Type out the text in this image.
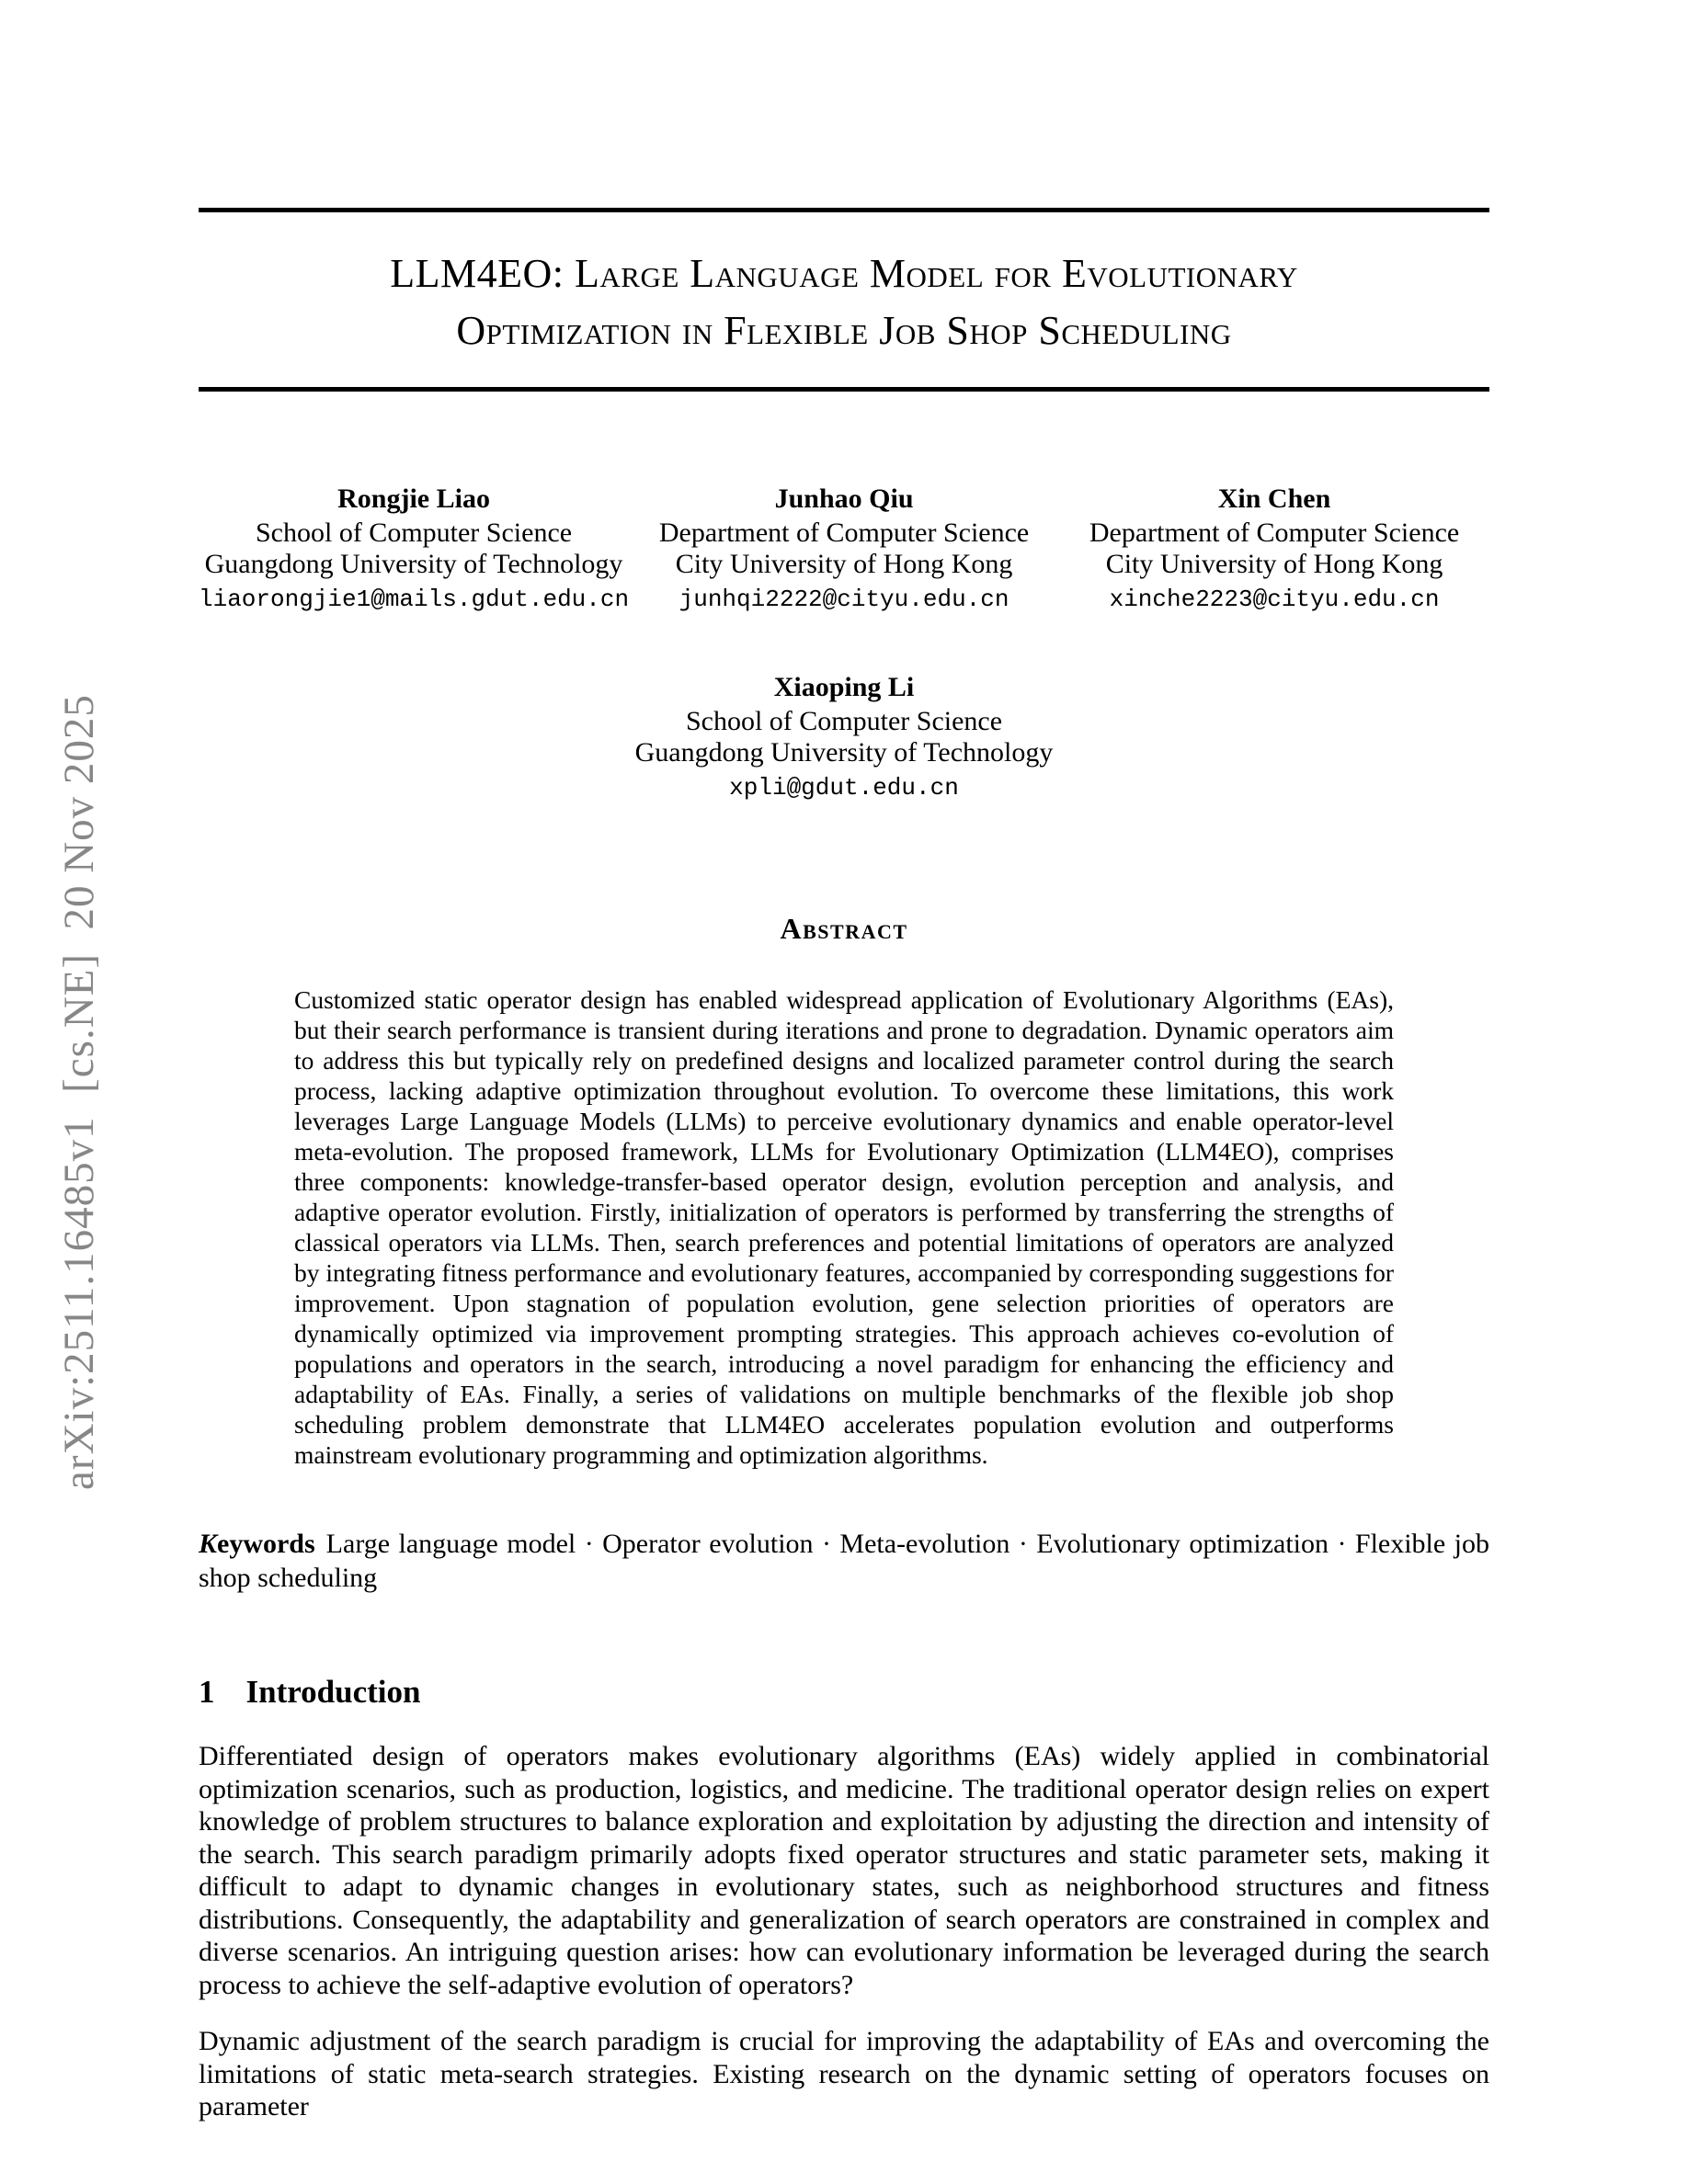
arXiv:2511.16485v1  [cs.NE]  20 Nov 2025
LLM4EO: Large Language Model for Evolutionary
Optimization in Flexible Job Shop Scheduling
Rongjie Liao
School of Computer Science
Guangdong University of Technology
liaorongjie1@mails.gdut.edu.cn
Junhao Qiu
Department of Computer Science
City University of Hong Kong
junhqi2222@cityu.edu.cn
Xin Chen
Department of Computer Science
City University of Hong Kong
xinche2223@cityu.edu.cn
Xiaoping Li
School of Computer Science
Guangdong University of Technology
xpli@gdut.edu.cn
Abstract
Customized static operator design has enabled widespread application of Evolutionary Algorithms (EAs), but their search performance is transient during iterations and prone to degradation. Dynamic operators aim to address this but typically rely on predefined designs and localized parameter control during the search process, lacking adaptive optimization throughout evolution. To overcome these limitations, this work leverages Large Language Models (LLMs) to perceive evolutionary dynamics and enable operator-level meta-evolution. The proposed framework, LLMs for Evolutionary Optimization (LLM4EO), comprises three components: knowledge-transfer-based operator design, evolution perception and analysis, and adaptive operator evolution. Firstly, initialization of operators is performed by transferring the strengths of classical operators via LLMs. Then, search preferences and potential limitations of operators are analyzed by integrating fitness performance and evolutionary features, accompanied by corresponding suggestions for improvement. Upon stagnation of population evolution, gene selection priorities of operators are dynamically optimized via improvement prompting strategies. This approach achieves co-evolution of populations and operators in the search, introducing a novel paradigm for enhancing the efficiency and adaptability of EAs. Finally, a series of validations on multiple benchmarks of the flexible job shop scheduling problem demonstrate that LLM4EO accelerates population evolution and outperforms mainstream evolutionary programming and optimization algorithms.
Keywords Large language model · Operator evolution · Meta-evolution · Evolutionary optimization · Flexible job shop scheduling
1 Introduction
Differentiated design of operators makes evolutionary algorithms (EAs) widely applied in combinatorial optimization scenarios, such as production, logistics, and medicine. The traditional operator design relies on expert knowledge of problem structures to balance exploration and exploitation by adjusting the direction and intensity of the search. This search paradigm primarily adopts fixed operator structures and static parameter sets, making it difficult to adapt to dynamic changes in evolutionary states, such as neighborhood structures and fitness distributions. Consequently, the adaptability and generalization of search operators are constrained in complex and diverse scenarios. An intriguing question arises: how can evolutionary information be leveraged during the search process to achieve the self-adaptive evolution of operators?
Dynamic adjustment of the search paradigm is crucial for improving the adaptability of EAs and overcoming the limitations of static meta-search strategies. Existing research on the dynamic setting of operators focuses on parameter
